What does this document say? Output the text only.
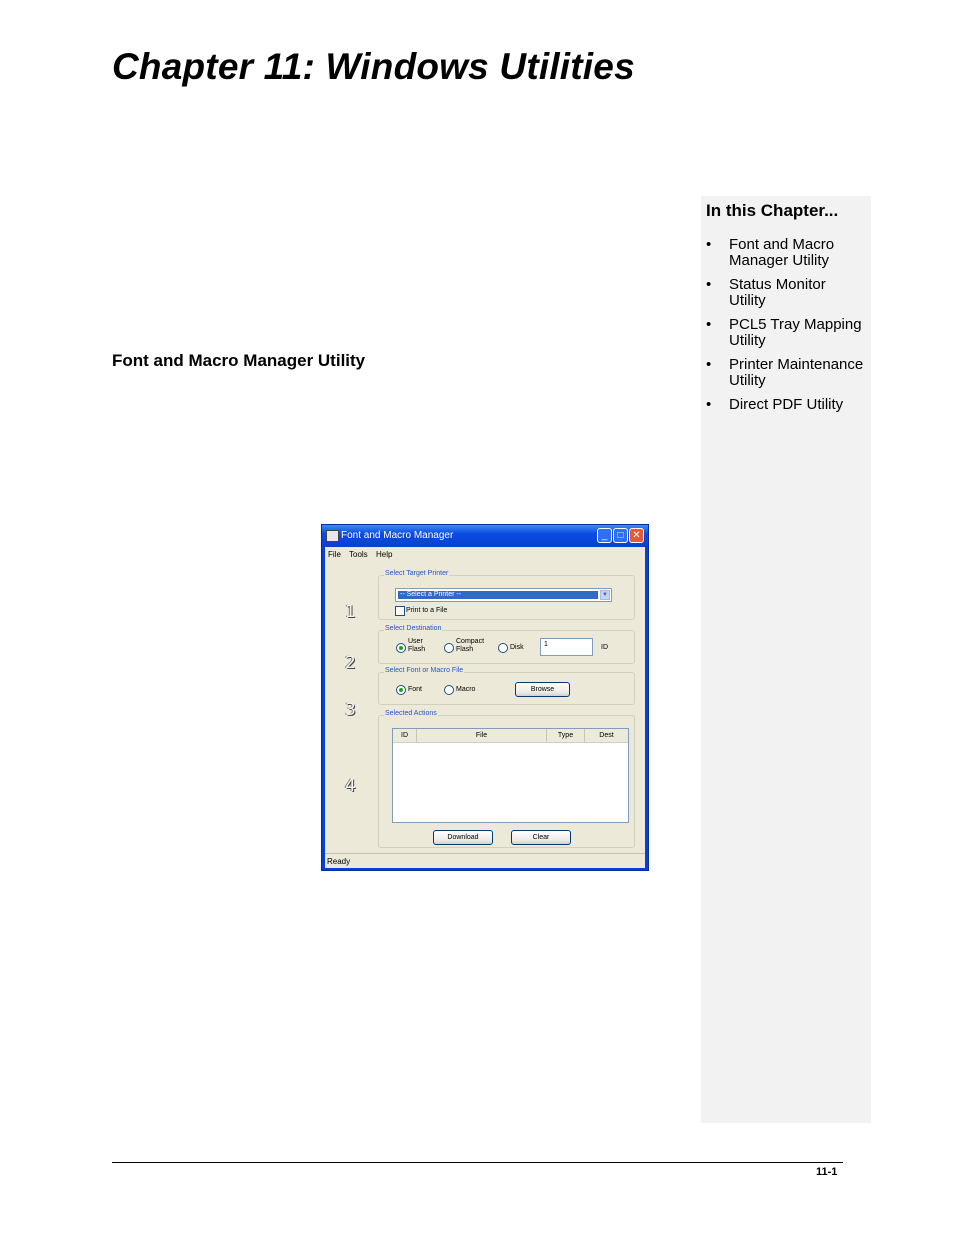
Chapter 11: Windows Utilities
In this Chapter...
• Font and Macro Manager Utility
• Status Monitor Utility
• PCL5 Tray Mapping Utility
• Printer Maintenance Utility
• Direct PDF Utility
Font and Macro Manager Utility
Font and Macro Manager	_	□ ✕
File Tools Help
1
2
3
4
Select Target Printer
-- Select a Printer --	▼
Print to a File
Select Destination
User
Flash
Compact
Flash	Disk	1	ID
Select Font or Macro File
Font	Macro	Browse
Selected Actions
ID	File	Type	Dest
Download	Clear
Ready
11-1
